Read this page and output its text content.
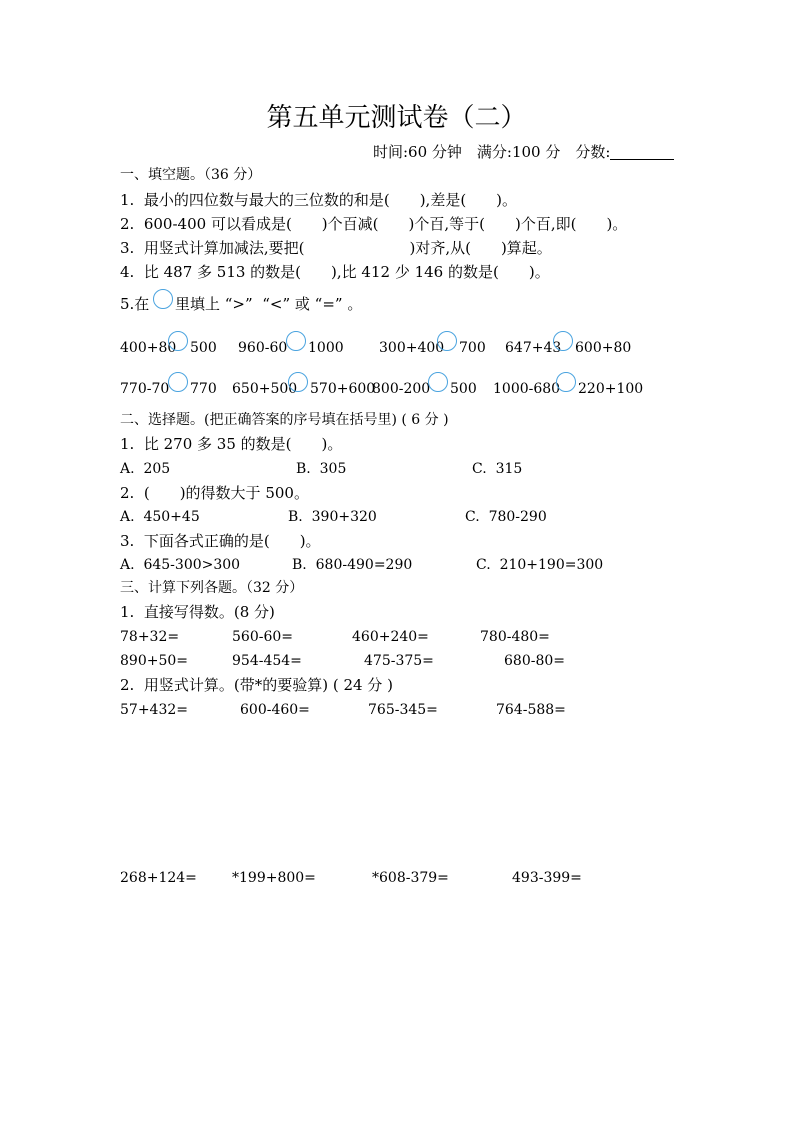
第五单元测试卷（二）
时间:60 分钟　满分:100 分　分数:
一、填空题。（36 分）
1.  最小的四位数与最大的三位数的和是(　　),差是(　　)。
2.  600-400 可以看成是(　　)个百减(　　)个百,等于(　　)个百,即(　　)。
3.  用竖式计算加减法,要把(　　　　　　　)对齐,从(　　)算起。
4.  比 487 多 513 的数是(　　),比 412 少 146 的数是(　　)。
5.在 里填上 “>”  “<” 或 “=” 。
400+80 500 960-60 1000	300+400 700 647+43 600+80
770-70 770 650+500 570+600
800-200 500 1000-680 220+100
二、选择题。(把正确答案的序号填在括号里) ( 6 分 )
1.  比 270 多 35 的数是(　　)。
A.  205	B.  305	C.  315
2.  (　　)的得数大于 500。
A.  450+45	B.  390+320	C.  780-290
3.  下面各式正确的是(　　)。
A.  645-300>300	B.  680-490=290	C.  210+190=300
三、计算下列各题。（32 分）
1.  直接写得数。(8 分)
78+32=	560-60=	460+240=	780-480=
890+50=	954-454=	475-375=	680-80=
2.  用竖式计算。(带*的要验算) ( 24 分 )
57+432=	600-460=	765-345=	764-588=
268+124=	*199+800=	*608-379=	493-399=
